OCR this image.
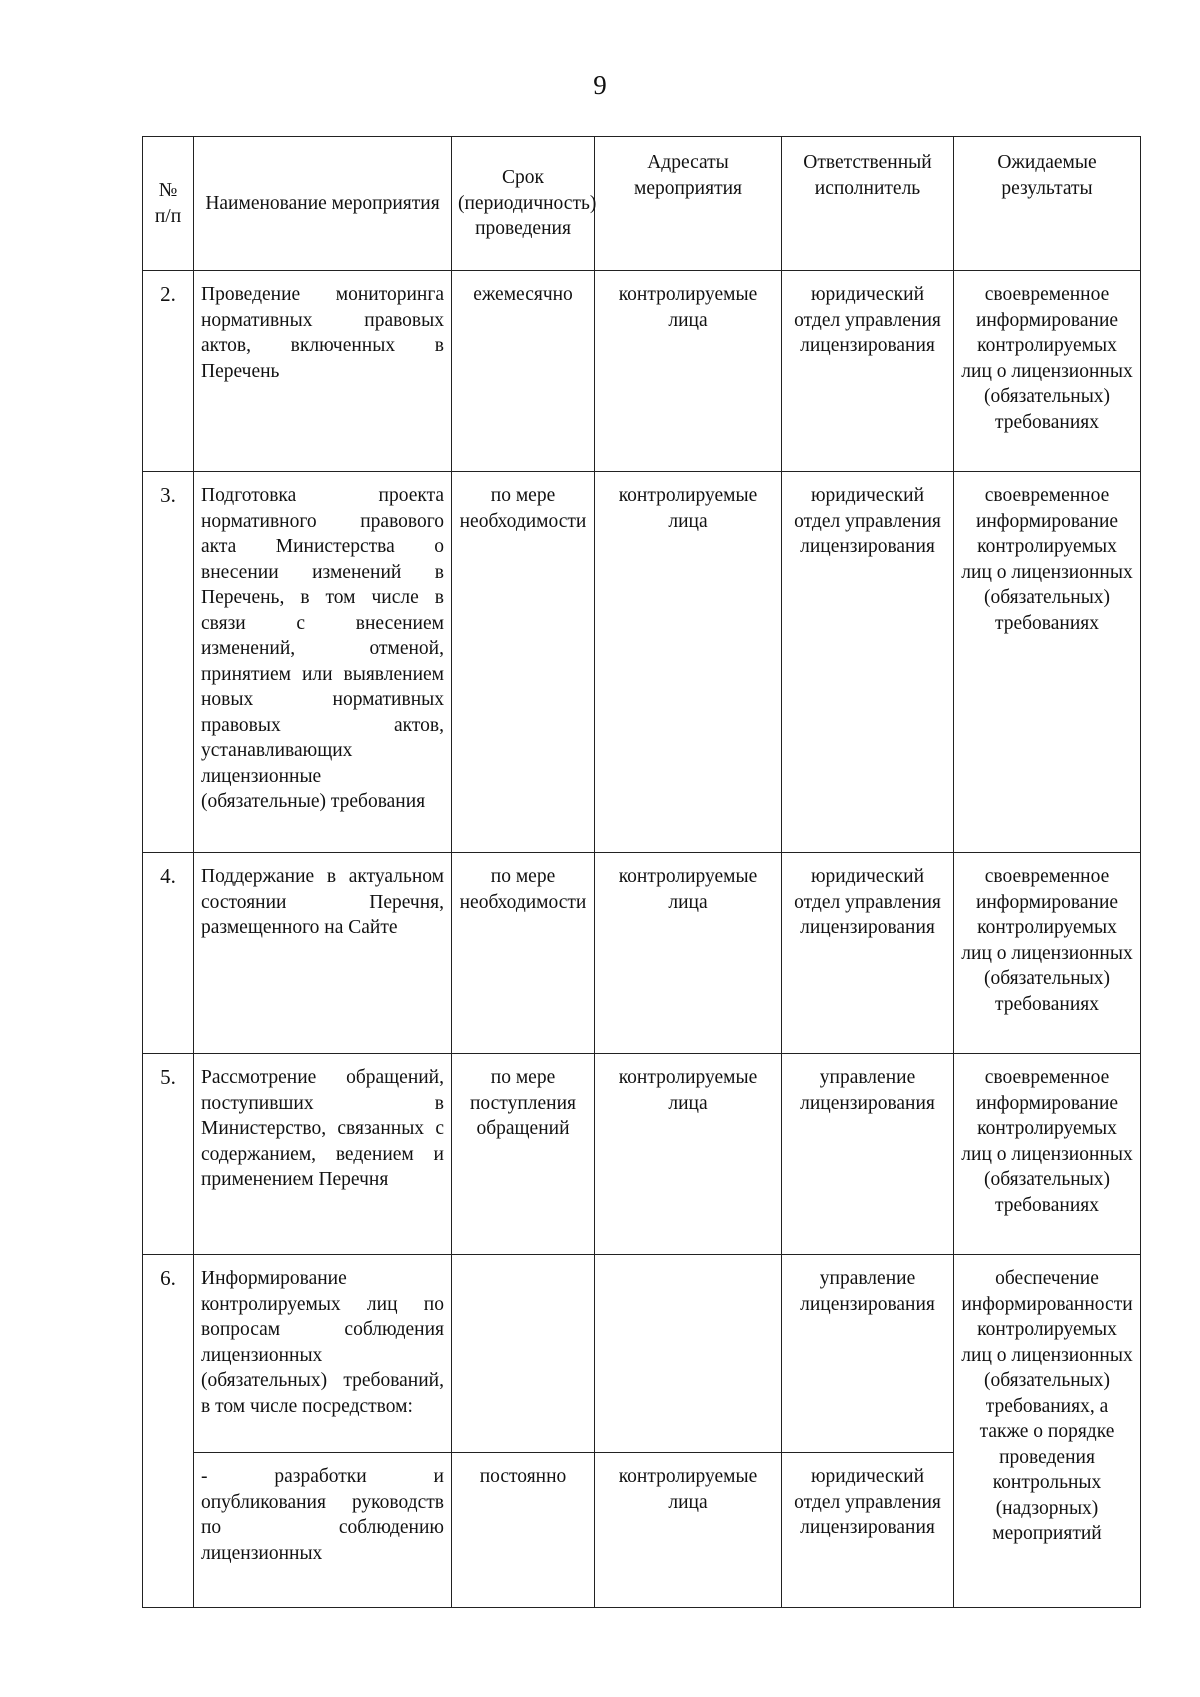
9
№ п/п	Наименование мероприятия	Срок (периодичность) проведения	Адресаты мероприятия	Ответственный исполнитель	Ожидаемые результаты
2.	Проведение мониторинга нормативных правовых актов, включенных в Перечень	ежемесячно	контролируемые лица	юридический отдел управления лицензирования	своевременное информирование контролируемых лиц о лицензионных (обязательных) требованиях
3.	Подготовка проекта нормативного правового акта Министерства о внесении изменений в Перечень, в том числе в связи с внесением изменений, отменой, принятием или выявлением новых нормативных правовых актов, устанавливающих лицензионные (обязательные) требования	по мере необходимости	контролируемые лица	юридический отдел управления лицензирования	своевременное информирование контролируемых лиц о лицензионных (обязательных) требованиях
4.	Поддержание в актуальном состоянии Перечня, размещенного на Сайте	по мере необходимости	контролируемые лица	юридический отдел управления лицензирования	своевременное информирование контролируемых лиц о лицензионных (обязательных) требованиях
5.	Рассмотрение обращений, поступивших в Министерство, связанных с содержанием, ведением и применением Перечня	по мере поступления обращений	контролируемые лица	управление лицензирования	своевременное информирование контролируемых лиц о лицензионных (обязательных) требованиях
6.	Информирование контролируемых лиц по вопросам соблюдения лицензионных (обязательных) требований, в том числе посредством:			управление лицензирования	обеспечение информированности контролируемых лиц о лицензионных (обязательных) требованиях, а также о порядке проведения контрольных (надзорных) мероприятий
	- разработки и опубликования руководств по соблюдению лицензионных	постоянно	контролируемые лица	юридический отдел управления лицензирования	
